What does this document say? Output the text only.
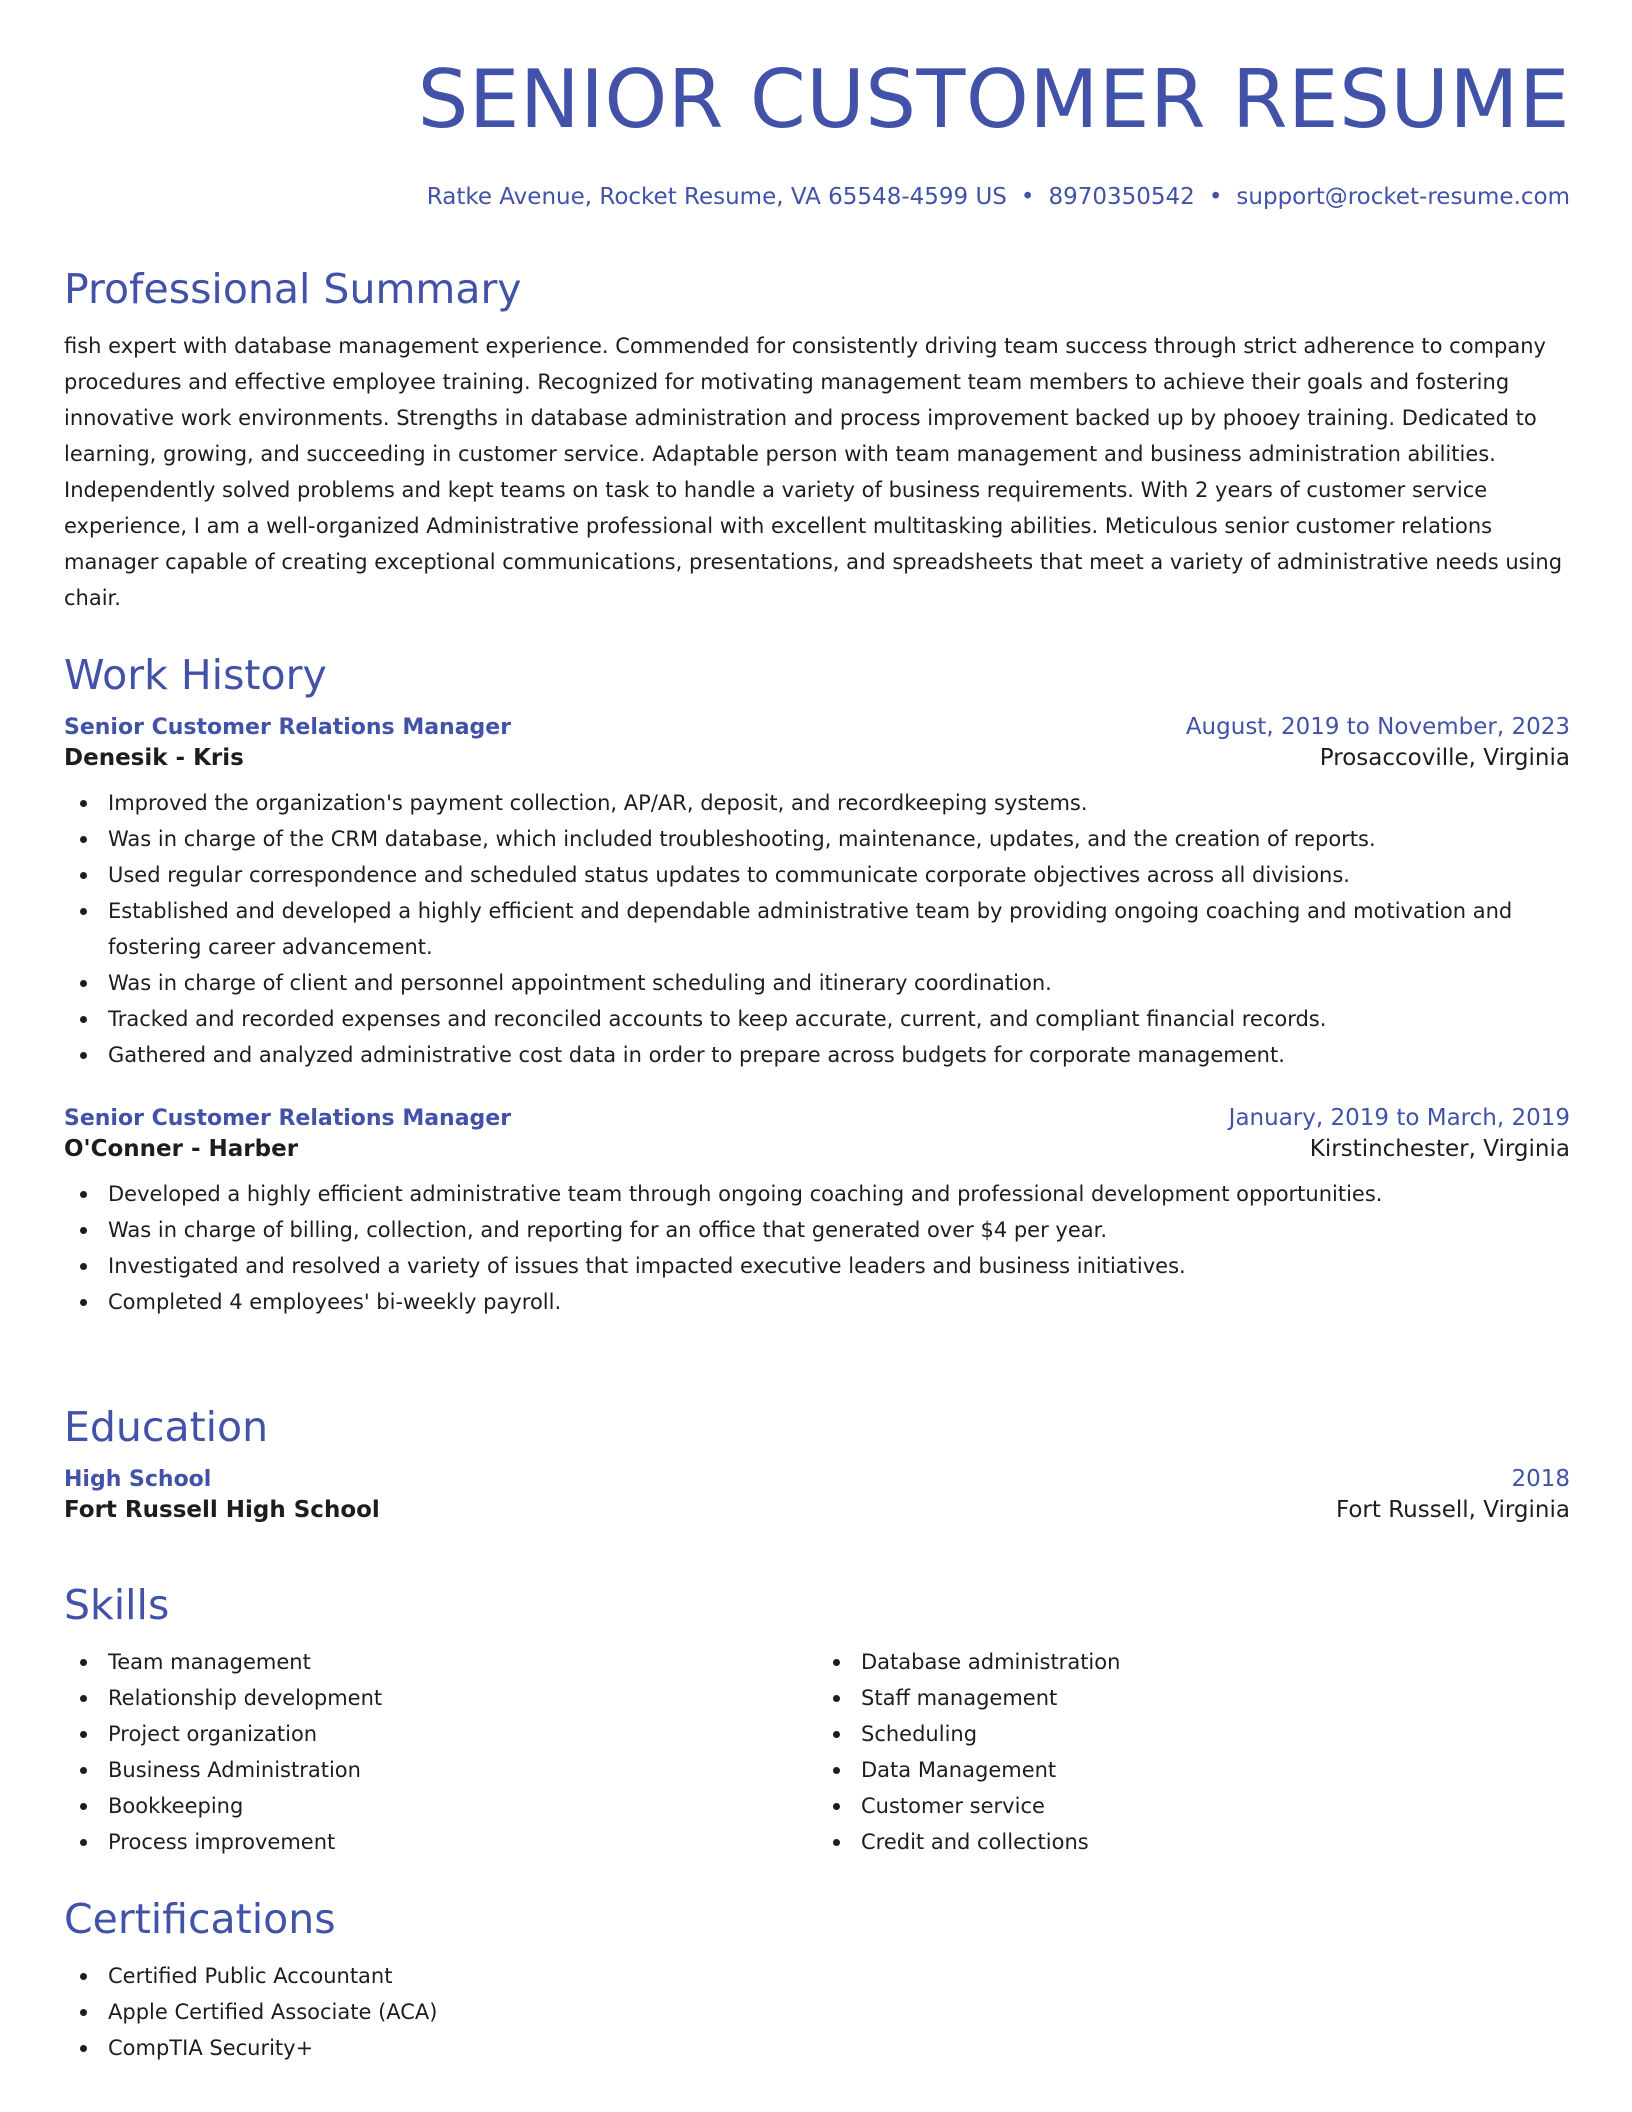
SENIOR CUSTOMER RESUME
Ratke Avenue, Rocket Resume, VA 65548-4599 US • 8970350542 • support@rocket-resume.com
Professional Summary

fish expert with database management experience. Commended for consistently driving team success through strict adherence to company procedures and effective employee training. Recognized for motivating management team members to achieve their goals and fostering innovative work environments. Strengths in database administration and process improvement backed up by phooey training. Dedicated to learning, growing, and succeeding in customer service. Adaptable person with team management and business administration abilities. Independently solved problems and kept teams on task to handle a variety of business requirements. With 2 years of customer service experience, I am a well-organized Administrative professional with excellent multitasking abilities. Meticulous senior customer relations manager capable of creating exceptional communications, presentations, and spreadsheets that meet a variety of administrative needs using chair.

Work History
Senior Customer Relations Manager	August, 2019 to November, 2023
Denesik - Kris	Prosaccoville, Virginia
Improved the organization's payment collection, AP/AR, deposit, and recordkeeping systems.
Was in charge of the CRM database, which included troubleshooting, maintenance, updates, and the creation of reports.
Used regular correspondence and scheduled status updates to communicate corporate objectives across all divisions.
Established and developed a highly efficient and dependable administrative team by providing ongoing coaching and motivation and fostering career advancement.
Was in charge of client and personnel appointment scheduling and itinerary coordination.
Tracked and recorded expenses and reconciled accounts to keep accurate, current, and compliant financial records.
Gathered and analyzed administrative cost data in order to prepare across budgets for corporate management.
Senior Customer Relations Manager	January, 2019 to March, 2019
O'Conner - Harber	Kirstinchester, Virginia
Developed a highly efficient administrative team through ongoing coaching and professional development opportunities.
Was in charge of billing, collection, and reporting for an office that generated over $4 per year.
Investigated and resolved a variety of issues that impacted executive leaders and business initiatives.
Completed 4 employees' bi-weekly payroll.
Education
High School	2018
Fort Russell High School	Fort Russell, Virginia
Skills
Team management
Relationship development
Project organization
Business Administration
Bookkeeping
Process improvement
Database administration
Staff management
Scheduling
Data Management
Customer service
Credit and collections
Certifications
Certified Public Accountant
Apple Certified Associate (ACA)
CompTIA Security+
